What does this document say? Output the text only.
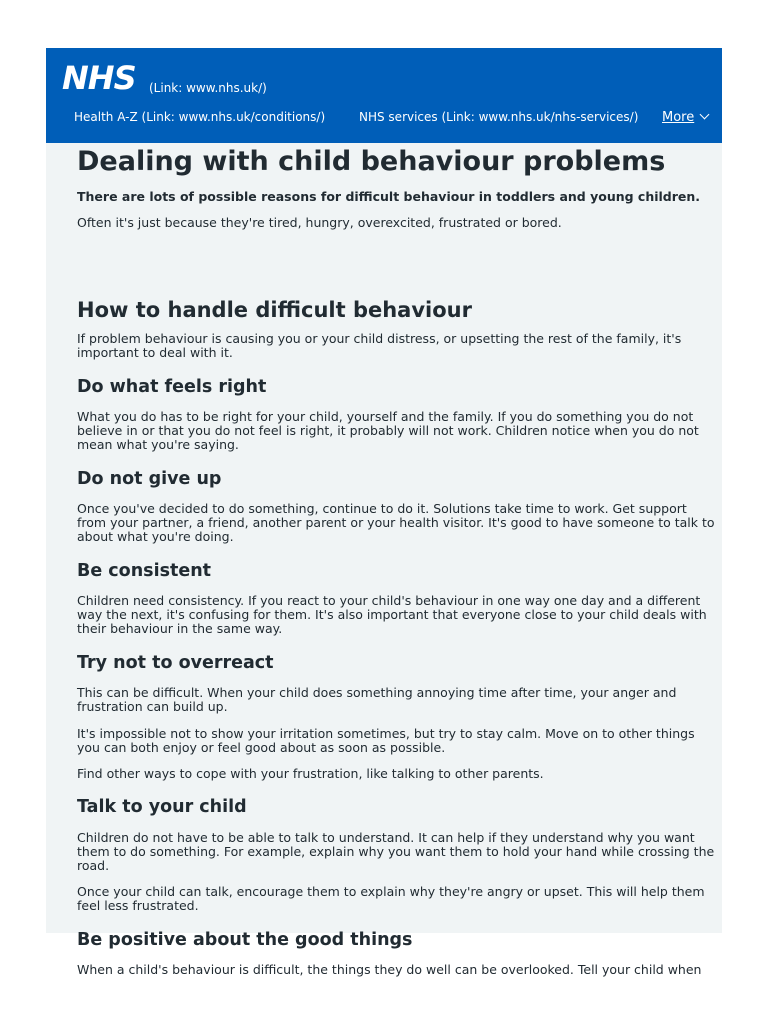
NHS (Link: www.nhs.uk/)
Health A-Z (Link: www.nhs.uk/conditions/)	NHS services (Link: www.nhs.uk/nhs-services/) More
Dealing with child behaviour problems

There are lots of possible reasons for difficult behaviour in toddlers and young children.

Often it's just because they're tired, hungry, overexcited, frustrated or bored.

How to handle difficult behaviour

If problem behaviour is causing you or your child distress, or upsetting the rest of the family, it's important to deal with it.

Do what feels right

What you do has to be right for your child, yourself and the family. If you do something you do not believe in or that you do not feel is right, it probably will not work. Children notice when you do not mean what you're saying.

Do not give up

Once you've decided to do something, continue to do it. Solutions take time to work. Get support from your partner, a friend, another parent or your health visitor. It's good to have someone to talk to about what you're doing.

Be consistent

Children need consistency. If you react to your child's behaviour in one way one day and a different way the next, it's confusing for them. It's also important that everyone close to your child deals with their behaviour in the same way.

Try not to overreact

This can be difficult. When your child does something annoying time after time, your anger and frustration can build up.

It's impossible not to show your irritation sometimes, but try to stay calm. Move on to other things you can both enjoy or feel good about as soon as possible.

Find other ways to cope with your frustration, like talking to other parents.

Talk to your child

Children do not have to be able to talk to understand. It can help if they understand why you want them to do something. For example, explain why you want them to hold your hand while crossing the road.

Once your child can talk, encourage them to explain why they're angry or upset. This will help them feel less frustrated.

Be positive about the good things

When a child's behaviour is difficult, the things they do well can be overlooked. Tell your child when
